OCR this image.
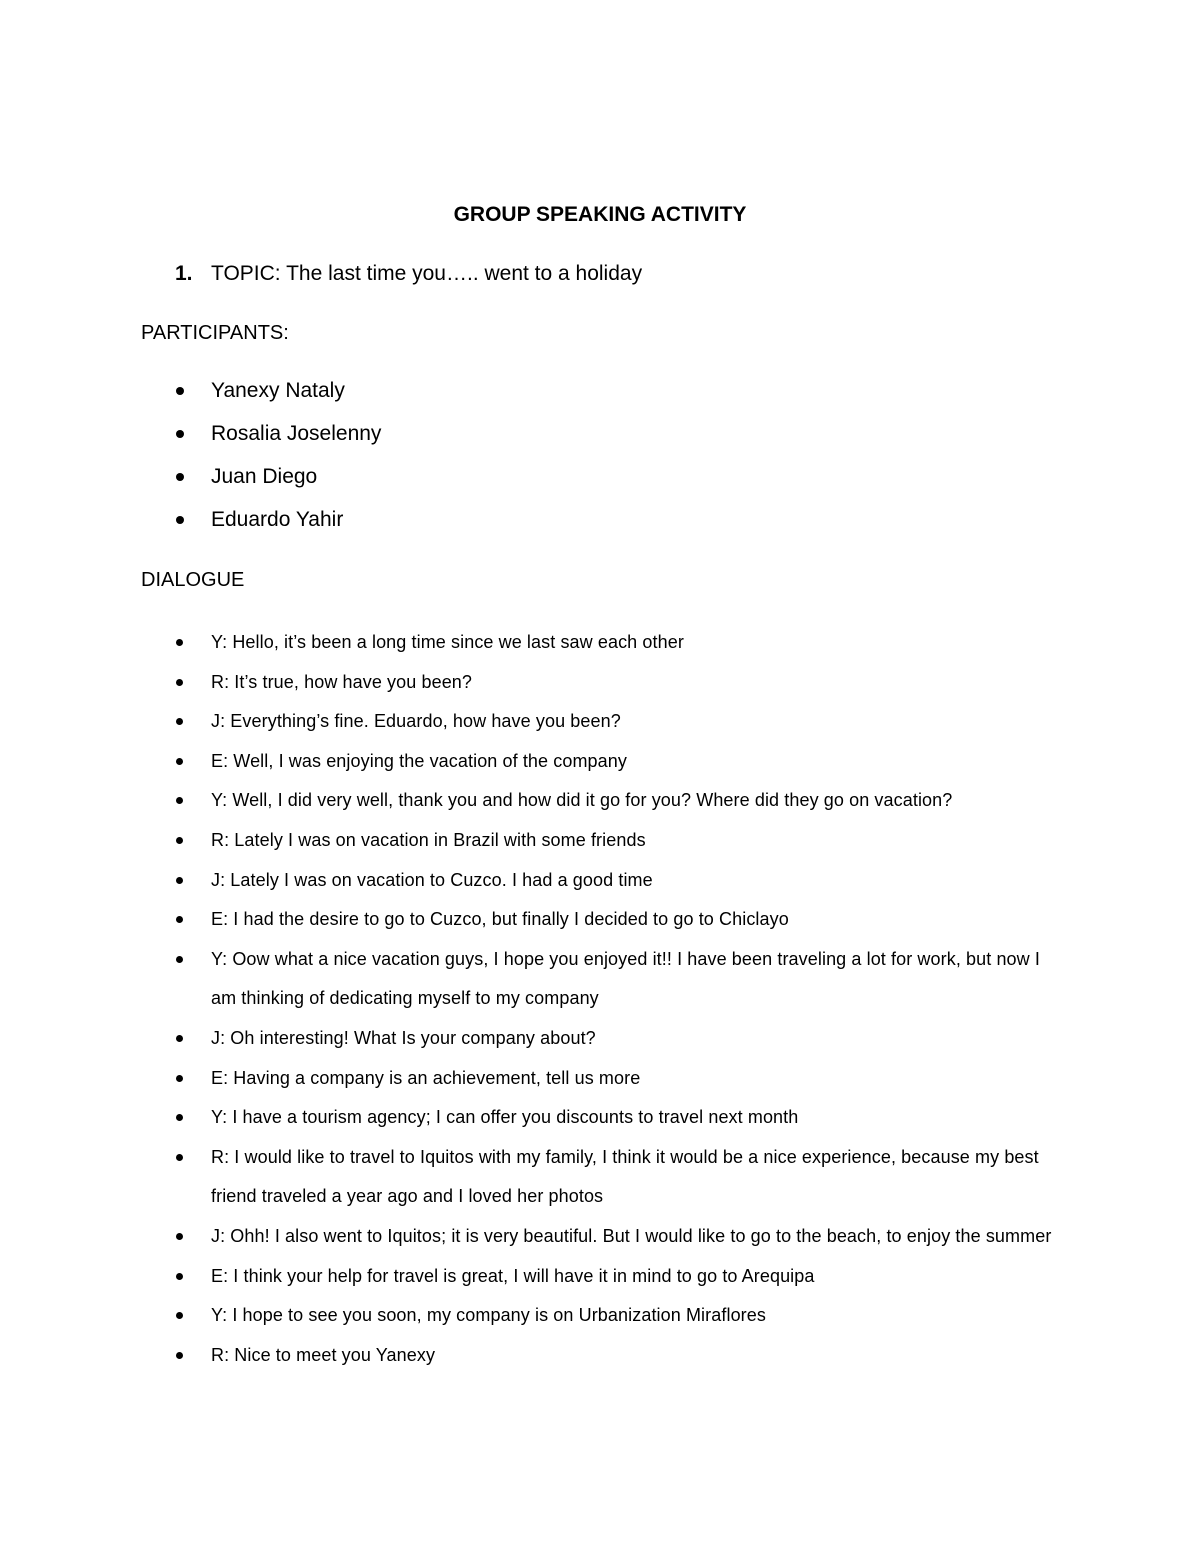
GROUP SPEAKING ACTIVITY
1. TOPIC: The last time you….. went to a holiday
PARTICIPANTS:
Yanexy Nataly
Rosalia Joselenny
Juan Diego
Eduardo Yahir
DIALOGUE
Y: Hello, it’s been a long time since we last saw each other
R: It’s true, how have you been?
J: Everything’s fine. Eduardo, how have you been?
E: Well, I was enjoying the vacation of the company
Y: Well, I did very well, thank you and how did it go for you? Where did they go on vacation?
R: Lately I was on vacation in Brazil with some friends
J: Lately I was on vacation to Cuzco. I had a good time
E: I had the desire to go to Cuzco, but finally I decided to go to Chiclayo
Y: Oow what a nice vacation guys, I hope you enjoyed it!! I have been traveling a lot for work, but now I am thinking of dedicating myself to my company
J: Oh interesting! What Is your company about?
E: Having a company is an achievement, tell us more
Y: I have a tourism agency; I can offer you discounts to travel next month
R: I would like to travel to Iquitos with my family, I think it would be a nice experience, because my best friend traveled a year ago and I loved her photos
J: Ohh! I also went to Iquitos; it is very beautiful. But I would like to go to the beach, to enjoy the summer
E: I think your help for travel is great, I will have it in mind to go to Arequipa
Y: I hope to see you soon, my company is on Urbanization Miraflores
R: Nice to meet you Yanexy
